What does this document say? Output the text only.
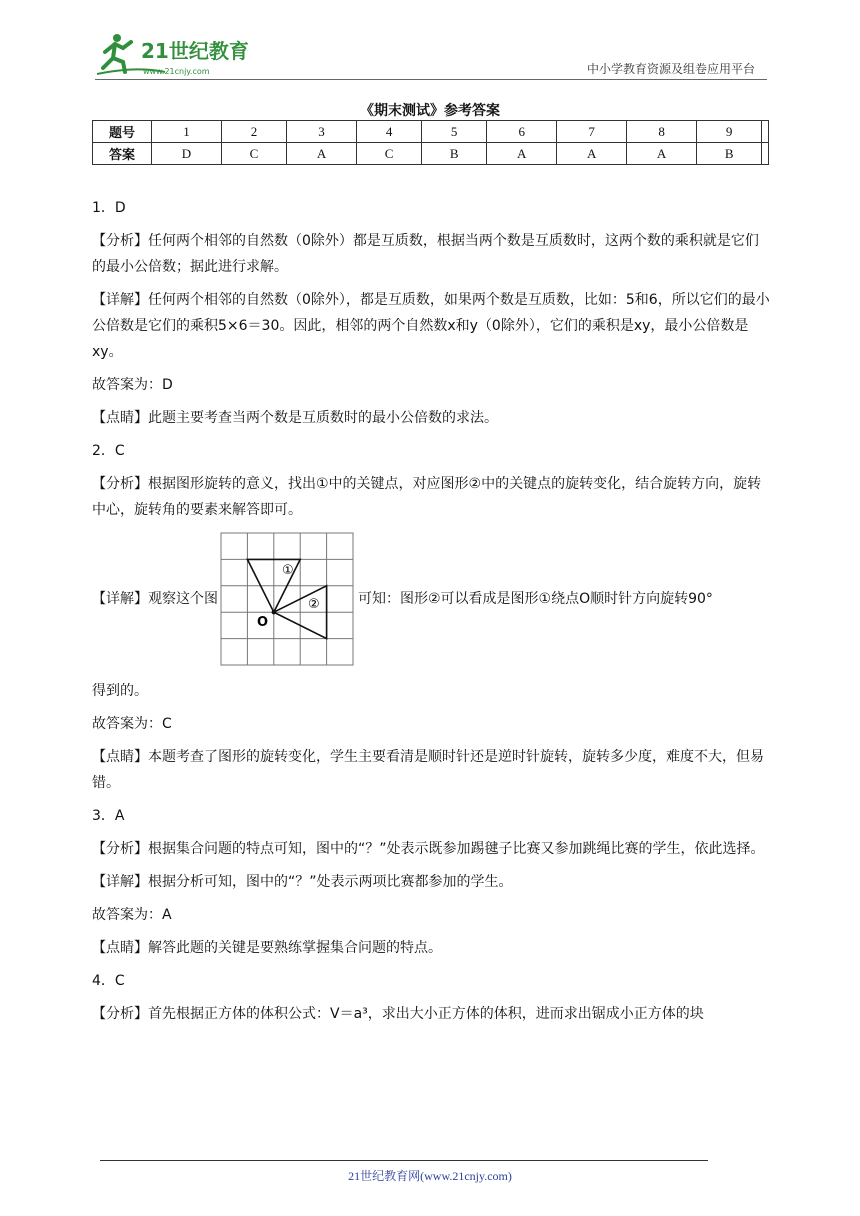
21世纪教育
www.21cnjy.com	中小学教育资源及组卷应用平台
《期末测试》参考答案
题号	1	2	3	4	5	6	7	8	9	
答案	D	C	A	C	B	A	A	A	B	

1．D

【分析】任何两个相邻的自然数（0除外）都是互质数，根据当两个数是互质数时，这两个数的乘积就是它们的最小公倍数；据此进行求解。

【详解】任何两个相邻的自然数（0除外），都是互质数，如果两个数是互质数，比如：5和6，所以它们的最小公倍数是它们的乘积5×6＝30。因此，相邻的两个自然数x和y（0除外），它们的乘积是xy，最小公倍数是xy。

故答案为：D

【点睛】此题主要考查当两个数是互质数时的最小公倍数的求法。

2．C

【分析】根据图形旋转的意义，找出①中的关键点，对应图形②中的关键点的旋转变化，结合旋转方向，旋转中心，旋转角的要素来解答即可。

【详解】观察这个图
①
②
O
可知：图形②可以看成是图形①绕点O顺时针方向旋转90°

得到的。

故答案为：C

【点睛】本题考查了图形的旋转变化，学生主要看清是顺时针还是逆时针旋转，旋转多少度，难度不大，但易错。

3．A

【分析】根据集合问题的特点可知，图中的“？”处表示既参加踢毽子比赛又参加跳绳比赛的学生，依此选择。

【详解】根据分析可知，图中的“？”处表示两项比赛都参加的学生。

故答案为：A

【点睛】解答此题的关键是要熟练掌握集合问题的特点。

4．C

【分析】首先根据正方体的体积公式：V＝a³，求出大小正方体的体积，进而求出锯成小正方体的块

21世纪教育网(www.21cnjy.com)
